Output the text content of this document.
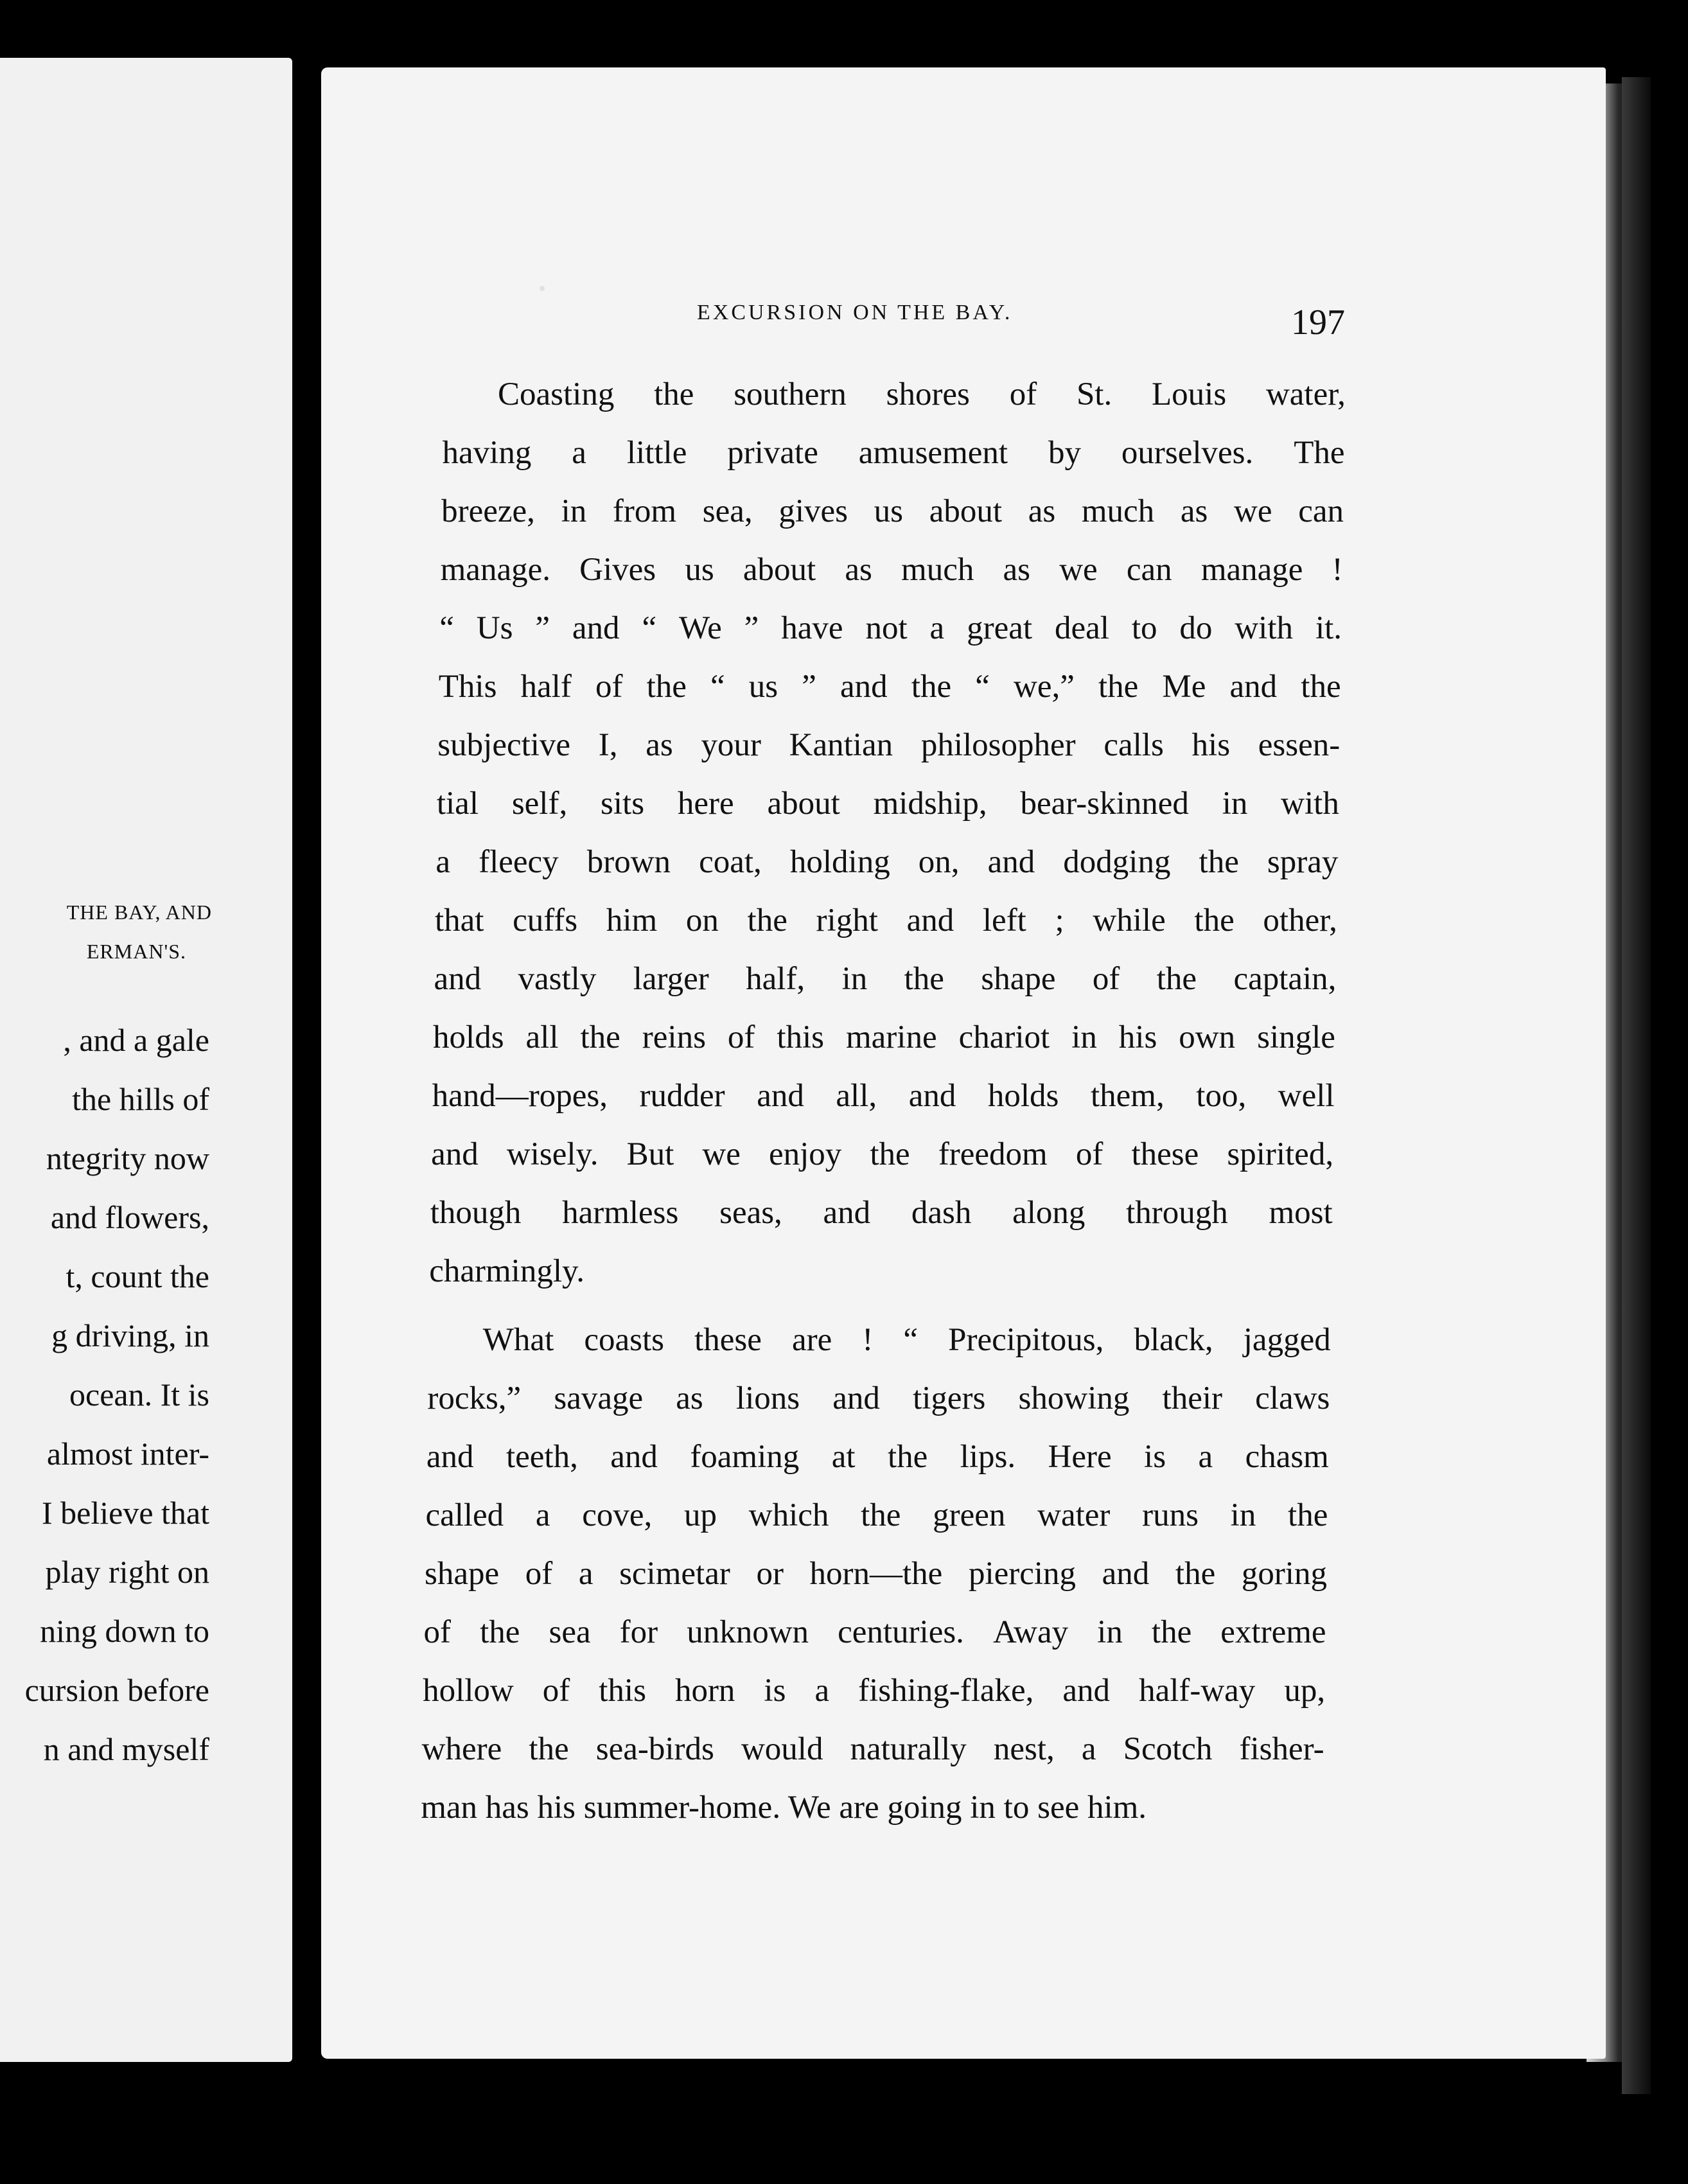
THE BAY, AND
ERMAN'S.
, and a gale
the hills of
ntegrity now
and flowers,
t, count the
g driving, in
ocean. It is
almost inter-
I believe that
play right on
ning down to
cursion before
n and myself
EXCURSION ON THE BAY.	197
Coasting the southern shores of St. Louis water,
having a little private amusement by ourselves. The
breeze, in from sea, gives us about as much as we can
manage. Gives us about as much as we can manage !
“ Us ” and “ We ” have not a great deal to do with it.
This half of the “ us ” and the “ we,” the Me and the
subjective I, as your Kantian philosopher calls his essen-
tial self, sits here about midship, bear-skinned in with
a fleecy brown coat, holding on, and dodging the spray
that cuffs him on the right and left ; while the other,
and vastly larger half, in the shape of the captain,
holds all the reins of this marine chariot in his own single
hand—ropes, rudder and all, and holds them, too, well
and wisely. But we enjoy the freedom of these spirited,
though harmless seas, and dash along through most
charmingly.
What coasts these are ! “ Precipitous, black, jagged
rocks,” savage as lions and tigers showing their claws
and teeth, and foaming at the lips. Here is a chasm
called a cove, up which the green water runs in the
shape of a scimetar or horn—the piercing and the goring
of the sea for unknown centuries. Away in the extreme
hollow of this horn is a fishing-flake, and half-way up,
where the sea-birds would naturally nest, a Scotch fisher-
man has his summer-home. We are going in to see him.
